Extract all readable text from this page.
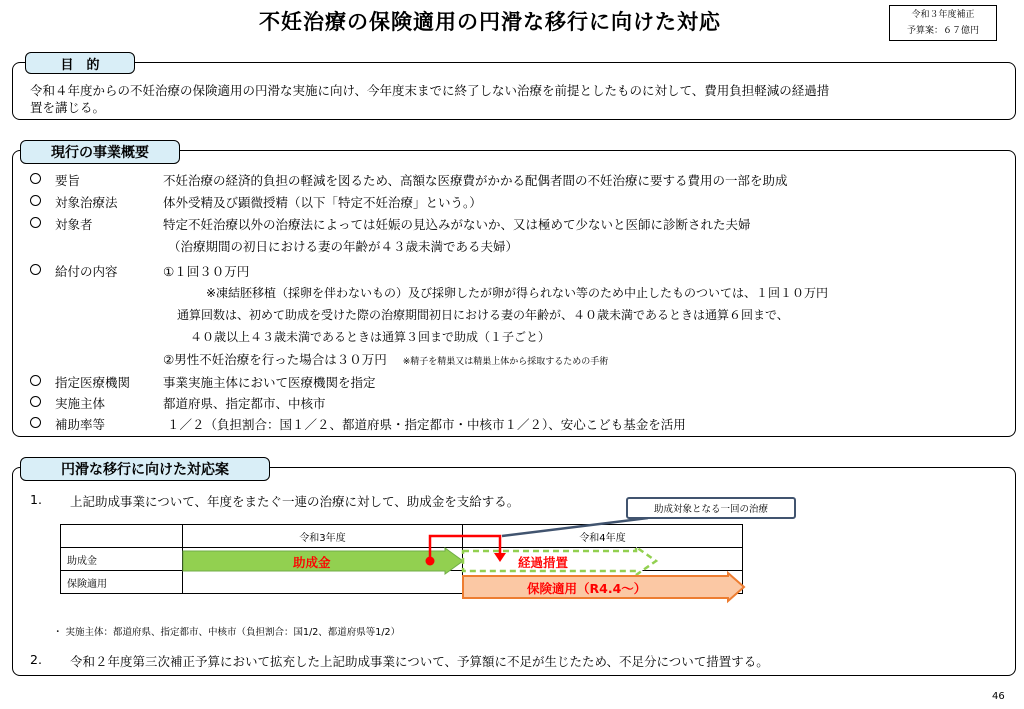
不妊治療の保険適用の円滑な移行に向けた対応	令和３年度補正
予算案：６７億円
目　的
令和４年度からの不妊治療の保険適用の円滑な実施に向け、今年度末までに終了しない治療を前提としたものに対して、費用負担軽減の経過措
置を講じる。
現行の事業概要
要旨	不妊治療の経済的負担の軽減を図るため、高額な医療費がかかる配偶者間の不妊治療に要する費用の一部を助成
対象治療法	体外受精及び顕微授精（以下「特定不妊治療」という。）
対象者	特定不妊治療以外の治療法によっては妊娠の見込みがないか、又は極めて少ないと医師に診断された夫婦
（治療期間の初日における妻の年齢が４３歳未満である夫婦）
給付の内容	①１回３０万円
※凍結胚移植（採卵を伴わないもの）及び採卵したが卵が得られない等のため中止したものついては、１回１０万円
通算回数は、初めて助成を受けた際の治療期間初日における妻の年齢が、４０歳未満であるときは通算６回まで、
４０歳以上４３歳未満であるときは通算３回まで助成（１子ごと）
②男性不妊治療を行った場合は３０万円 ※精子を精巣又は精巣上体から採取するための手術
指定医療機関	事業実施主体において医療機関を指定
実施主体	都道府県、指定都市、中核市
補助率等	１／２（負担割合：国１／２、都道府県・指定都市・中核市１／２）、安心こども基金を活用
円滑な移行に向けた対応案
1. 上記助成事業について、年度をまたぐ一連の治療に対して、助成金を支給する。
	令和3年度	令和4年度
助成金		
保険適用		
助成金	経過措置
保険適用（R4.4～）
助成対象となる一回の治療
・ 実施主体：都道府県、指定都市、中核市（負担割合：国1/2、都道府県等1/2）
2. 令和２年度第三次補正予算において拡充した上記助成事業について、予算額に不足が生じたため、不足分について措置する。
46
